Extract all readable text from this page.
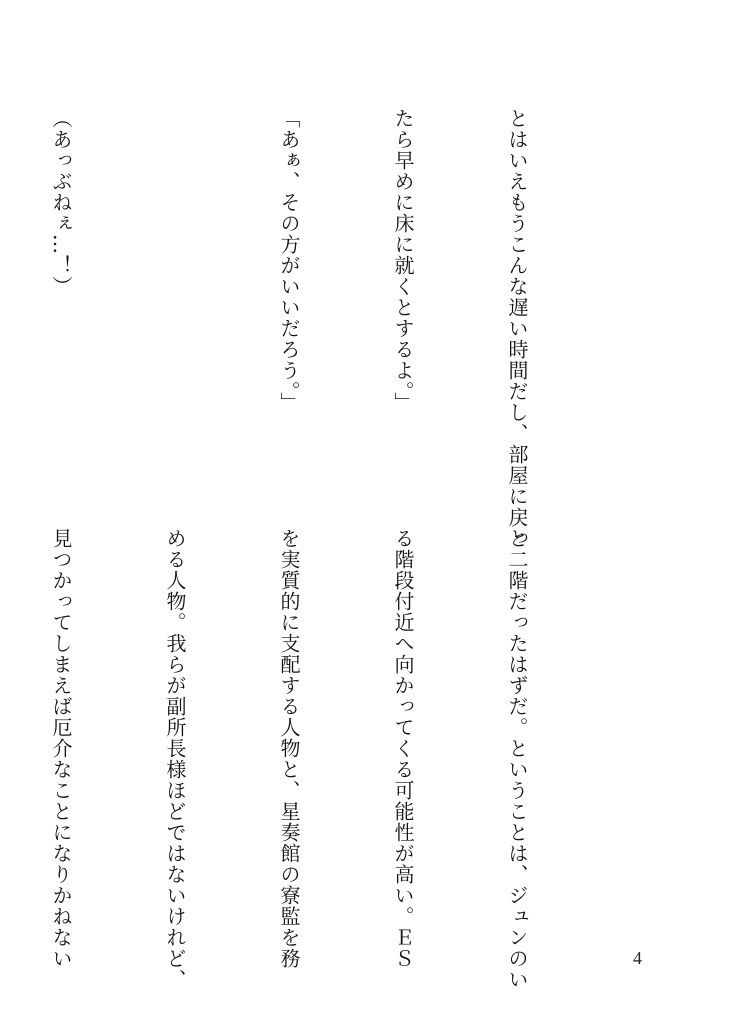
とはいえもうこんな遅い時間だし、部屋に戻っ

たら早めに床に就くとするよ。」

「あぁ、その方がいいだろう。」

（あっぶねぇ…！）

と二階だったはずだ。ということは、ジュンのい

る階段付近へ向かってくる可能性が高い。ＥＳ

を実質的に支配する人物と、星奏館の寮監を務

める人物。我らが副所長様ほどではないけれど、

見つかってしまえば厄介なことになりかねない

	4
